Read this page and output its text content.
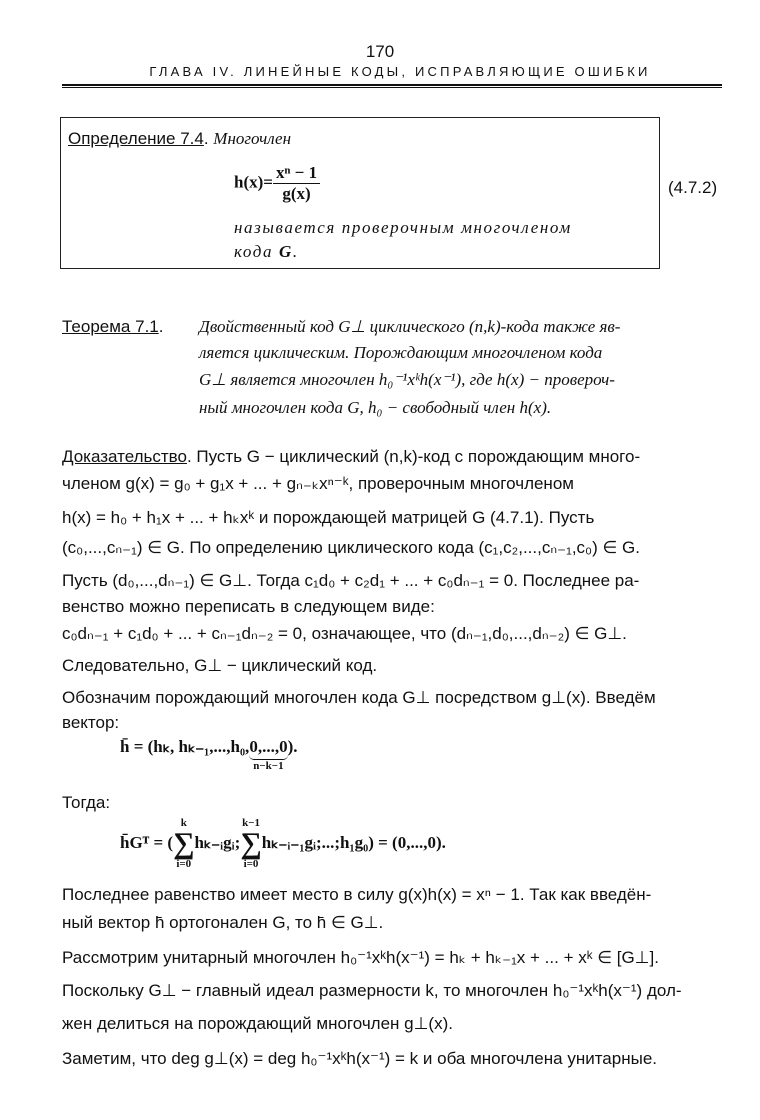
170
ГЛАВА IV. ЛИНЕЙНЫЕ КОДЫ, ИСПРАВЛЯЮЩИЕ ОШИБКИ
Определение 7.4. Многочлен
$h(x)= \frac{\text{xⁿ − 1}}{g(x)}$	(4.7.2)
называется проверочным многочленом
кода G.
Теорема 7.1. Двойственный код G⊥ циклического (n,k)-кода также яв-
ляется циклическим. Порождающим многочленом кода
G⊥ является многочлен h₀⁻¹xᵏh(x⁻¹), где h(x) − провероч-
ный многочлен кода G, h₀ − свободный член h(x).
Доказательство. Пусть G − циклический (n,k)-код с порождающим много-
членом g(x) = g₀ + g₁x + ... + gₙ₋ₖxⁿ⁻ᵏ, проверочным многочленом
h(x) = h₀ + h₁x + ... + hₖxᵏ и порождающей матрицей G (4.7.1). Пусть
(c₀,...,cₙ₋₁) ∈ G. По определению циклического кода (c₁,c₂,...,cₙ₋₁,c₀) ∈ G.
Пусть (d₀,...,dₙ₋₁) ∈ G⊥. Тогда c₁d₀ + c₂d₁ + ... + c₀dₙ₋₁ = 0. Последнее ра-
венство можно переписать в следующем виде:
c₀dₙ₋₁ + c₁d₀ + ... + cₙ₋₁dₙ₋₂ = 0, означающее, что (dₙ₋₁,d₀,...,dₙ₋₂) ∈ G⊥.
Следовательно, G⊥ − циклический код.
Обозначим порождающий многочлен кода G⊥ посредством g⊥(x). Введём
вектор:
h̄ = (hₖ, hₖ₋₁,...,h₀,0,...,0
n−k−1
).
Тогда:
h̄Gᵀ = (
k
∑
i=0
hₖ₋ᵢgᵢ;
k−1
∑
i=0
hₖ₋ᵢ₋₁gᵢ;...;h₁g₀) = (0,...,0).
Последнее равенство имеет место в силу g(x)h(x) = xⁿ − 1. Так как введён-
ный вектор h̄ ортогонален G, то h̄ ∈ G⊥.
Рассмотрим унитарный многочлен h₀⁻¹xᵏh(x⁻¹) = hₖ + hₖ₋₁x + ... + xᵏ ∈ [G⊥].
Поскольку G⊥ − главный идеал размерности k, то многочлен h₀⁻¹xᵏh(x⁻¹) дол-
жен делиться на порождающий многочлен g⊥(x).
Заметим, что deg g⊥(x) = deg h₀⁻¹xᵏh(x⁻¹) = k и оба многочлена унитарные.
